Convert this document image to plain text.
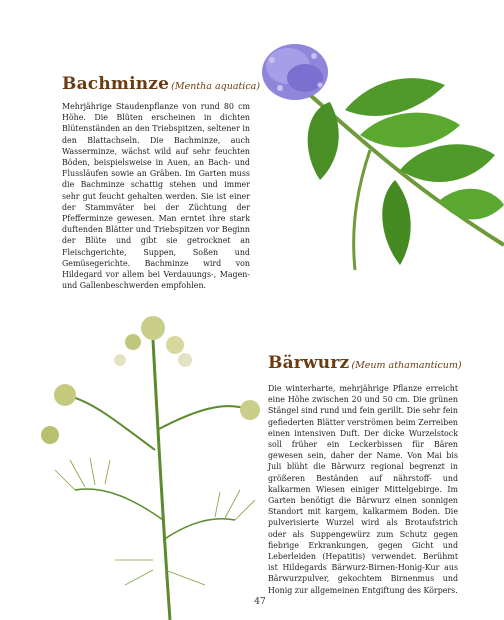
Bachminze (Mentha aquatica)

Mehrjährige Staudenpflanze von rund 80 cm Höhe. Die Blüten erscheinen in dichten Blütenständen an den Triebspitzen, seltener in den Blattachseln. Die Bachminze, auch Wasserminze, wächst wild auf sehr feuchten Böden, beispielsweise in Auen, an Bach- und Flussläufen sowie an Gräben. Im Garten muss die Bachminze schattig stehen und immer sehr gut feucht gehalten werden. Sie ist einer der Stammväter bei der Züchtung der Pfefferminze gewesen. Man erntet ihre stark duftenden Blätter und Triebspitzen vor Beginn der Blüte und gibt sie getrocknet an Fleischgerichte, Suppen, Soßen und Gemüsegerichte. Bachminze wird von Hildegard vor allem bei Verdauungs-, Magen- und Gallenbeschwerden empfohlen.

Bärwurz (Meum athamanticum)

Die winterharte, mehrjährige Pflanze erreicht eine Höhe zwischen 20 und 50 cm. Die grünen Stängel sind rund und fein gerillt. Die sehr fein gefiederten Blätter verströmen beim Zerreiben einen intensiven Duft. Der dicke Wurzelstock soll früher ein Leckerbissen für Bären gewesen sein, daher der Name. Von Mai bis Juli blüht die Bärwurz regional begrenzt in größeren Beständen auf nährstoff- und kalkarmen Wiesen einiger Mittelgebirge. Im Garten benötigt die Bärwurz einen sonnigen Standort mit kargem, kalkarmem Boden. Die pulverisierte Wurzel wird als Brotaufstrich oder als Suppengewürz zum Schutz gegen fiebrige Erkrankungen, gegen Gicht und Leberleiden (Hepatitis) verwendet. Berühmt ist Hildegards Bärwurz-Birnen-Honig-Kur aus Bärwurzpulver, gekochtem Birnenmus und Honig zur allgemeinen Entgiftung des Körpers.

47
